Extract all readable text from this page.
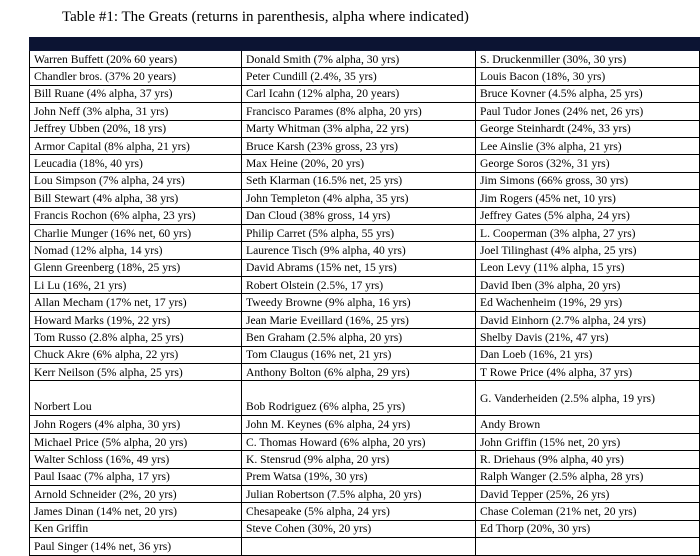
Table #1: The Greats (returns in parenthesis, alpha where indicated)

Warren Buffett (20% 60 years)	Donald Smith (7% alpha, 30 yrs)	S. Druckenmiller (30%, 30 yrs)
Chandler bros. (37% 20 years)	Peter Cundill (2.4%, 35 yrs)	Louis Bacon (18%, 30 yrs)
Bill Ruane (4% alpha, 37 yrs)	Carl Icahn (12% alpha, 20 years)	Bruce Kovner (4.5% alpha, 25 yrs)
John Neff (3% alpha, 31 yrs)	Francisco Parames (8% alpha, 20 yrs)	Paul Tudor Jones (24% net, 26 yrs)
Jeffrey Ubben (20%, 18 yrs)	Marty Whitman (3% alpha, 22 yrs)	George Steinhardt (24%, 33 yrs)
Armor Capital (8% alpha, 21 yrs)	Bruce Karsh (23% gross, 23 yrs)	Lee Ainslie (3% alpha, 21 yrs)
Leucadia (18%, 40 yrs)	Max Heine (20%, 20 yrs)	George Soros (32%, 31 yrs)
Lou Simpson (7% alpha, 24 yrs)	Seth Klarman (16.5% net, 25 yrs)	Jim Simons (66% gross, 30 yrs)
Bill Stewart (4% alpha, 38 yrs)	John Templeton (4% alpha, 35 yrs)	Jim Rogers (45% net, 10 yrs)
Francis Rochon (6% alpha, 23 yrs)	Dan Cloud (38% gross, 14 yrs)	Jeffrey Gates (5% alpha, 24 yrs)
Charlie Munger (16% net, 60 yrs)	Philip Carret (5% alpha, 55 yrs)	L. Cooperman (3% alpha, 27 yrs)
Nomad (12% alpha, 14 yrs)	Laurence Tisch (9% alpha, 40 yrs)	Joel Tilinghast (4% alpha, 25 yrs)
Glenn Greenberg (18%, 25 yrs)	David Abrams (15% net, 15 yrs)	Leon Levy (11% alpha, 15 yrs)
Li Lu (16%, 21 yrs)	Robert Olstein (2.5%, 17 yrs)	David Iben (3% alpha, 20 yrs)
Allan Mecham (17% net, 17 yrs)	Tweedy Browne (9% alpha, 16 yrs)	Ed Wachenheim (19%, 29 yrs)
Howard Marks (19%, 22 yrs)	Jean Marie Eveillard (16%, 25 yrs)	David Einhorn (2.7% alpha, 24 yrs)
Tom Russo (2.8% alpha, 25 yrs)	Ben Graham (2.5% alpha, 20 yrs)	Shelby Davis (21%, 47 yrs)
Chuck Akre (6% alpha, 22 yrs)	Tom Claugus (16% net, 21 yrs)	Dan Loeb (16%, 21 yrs)
Kerr Neilson (5% alpha, 25 yrs)	Anthony Bolton (6% alpha, 29 yrs)	T Rowe Price (4% alpha, 37 yrs)
Norbert Lou	Bob Rodriguez (6% alpha, 25 yrs)	G. Vanderheiden (2.5% alpha, 19 yrs)
John Rogers (4% alpha, 30 yrs)	John M. Keynes (6% alpha, 24 yrs)	Andy Brown
Michael Price (5% alpha, 20 yrs)	C. Thomas Howard (6% alpha, 20 yrs)	John Griffin (15% net, 20 yrs)
Walter Schloss (16%, 49 yrs)	K. Stensrud (9% alpha, 20 yrs)	R. Driehaus (9% alpha, 40 yrs)
Paul Isaac (7% alpha, 17 yrs)	Prem Watsa (19%, 30 yrs)	Ralph Wanger (2.5% alpha, 28 yrs)
Arnold Schneider (2%, 20 yrs)	Julian Robertson (7.5% alpha, 20 yrs)	David Tepper (25%, 26 yrs)
James Dinan (14% net, 20 yrs)	Chesapeake (5% alpha, 24 yrs)	Chase Coleman (21% net, 20 yrs)
Ken Griffin	Steve Cohen (30%, 20 yrs)	Ed Thorp (20%, 30 yrs)
Paul Singer (14% net, 36 yrs)		
